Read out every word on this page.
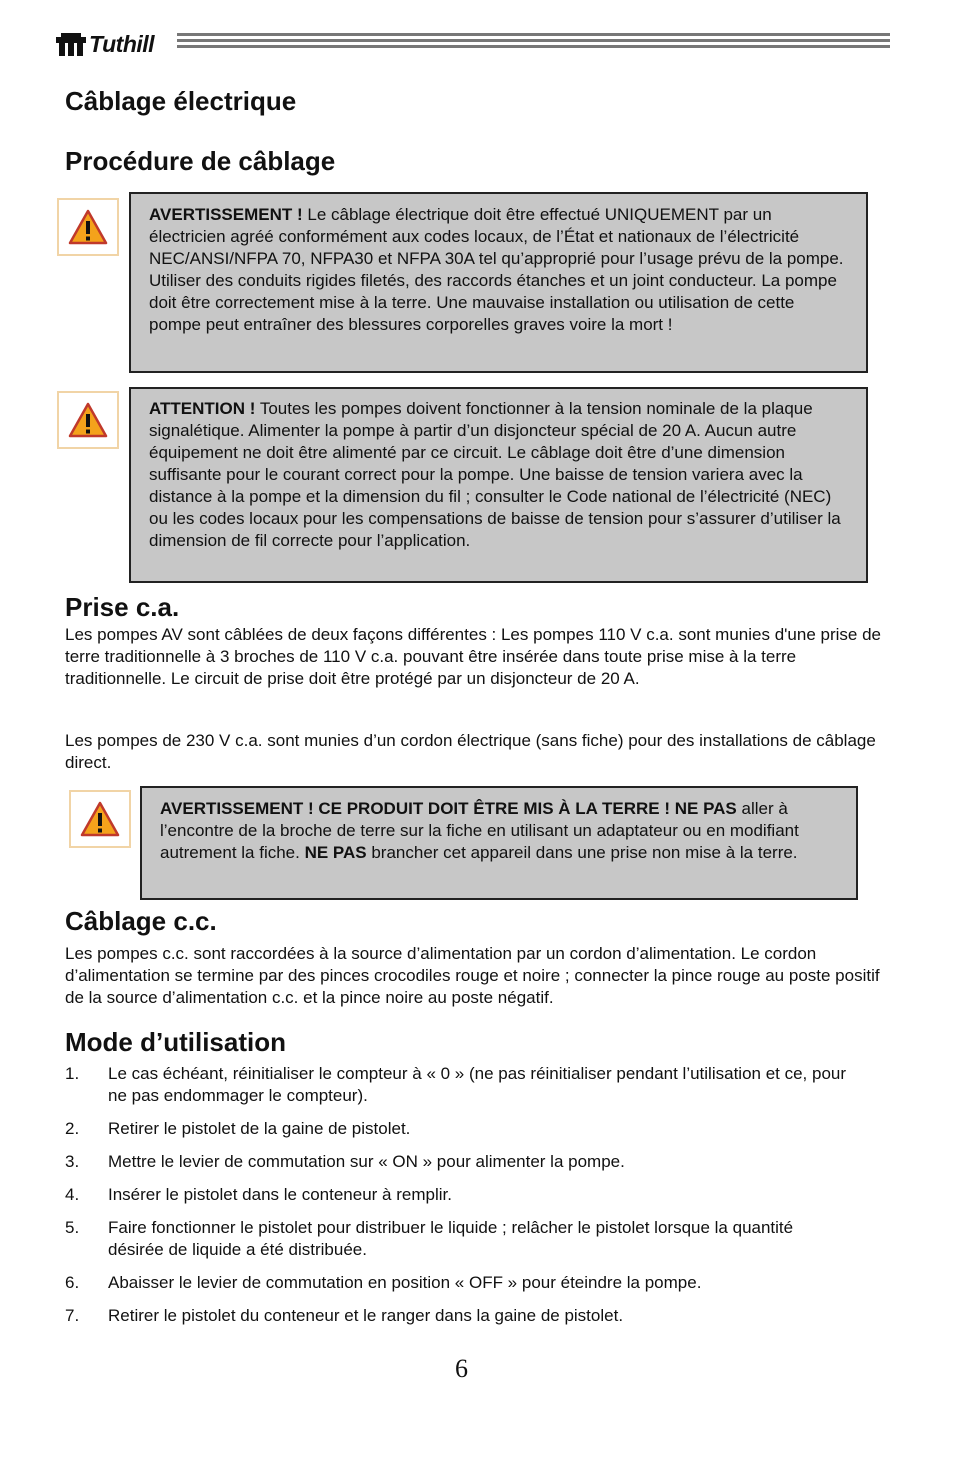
Tuthill
Câblage électrique
Procédure de câblage

AVERTISSEMENT ! Le câblage électrique doit être effectué UNIQUEMENT par un électricien agréé conformément aux codes locaux, de l’État et nationaux de l’électricité NEC/ANSI/NFPA 70, NFPA30 et NFPA 30A tel qu’approprié pour l’usage prévu de la pompe. Utiliser des conduits rigides filetés, des raccords étanches et un joint conducteur. La pompe doit être correctement mise à la terre. Une mauvaise installation ou utilisation de cette pompe peut entraîner des blessures corporelles graves voire la mort !

ATTENTION ! Toutes les pompes doivent fonctionner à la tension nominale de la plaque signalétique. Alimenter la pompe à partir d’un disjoncteur spécial de 20 A. Aucun autre équipement ne doit être alimenté par ce circuit. Le câblage doit être d’une dimension suffisante pour le courant correct pour la pompe. Une baisse de tension variera avec la distance à la pompe et la dimension du fil ; consulter le Code national de l’électricité (NEC) ou les codes locaux pour les compensations de baisse de tension pour s’assurer d’utiliser la dimension de fil correcte pour l’application.

Prise c.a.

Les pompes AV sont câblées de deux façons différentes : Les pompes 110 V c.a. sont munies d'une prise de terre traditionnelle à 3 broches de 110 V c.a. pouvant être insérée dans toute prise mise à la terre traditionnelle. Le circuit de prise doit être protégé par un disjoncteur de 20 A.

Les pompes de 230 V c.a. sont munies d’un cordon électrique (sans fiche) pour des installations de câblage direct.

AVERTISSEMENT ! CE PRODUIT DOIT ÊTRE MIS À LA TERRE ! NE PAS aller à l’encontre de la broche de terre sur la fiche en utilisant un adaptateur ou en modifiant autrement la fiche. NE PAS brancher cet appareil dans une prise non mise à la terre.

Câblage c.c.

Les pompes c.c. sont raccordées à la source d’alimentation par un cordon d’alimentation. Le cordon d’alimentation se termine par des pinces crocodiles rouge et noire ; connecter la pince rouge au poste positif de la source d’alimentation c.c. et la pince noire au poste négatif.

Mode d’utilisation
1.	Le cas échéant, réinitialiser le compteur à « 0 » (ne pas réinitialiser pendant l’utilisation et ce, pour ne pas endommager le compteur).
2.	Retirer le pistolet de la gaine de pistolet.
3.	Mettre le levier de commutation sur « ON » pour alimenter la pompe.
4.	Insérer le pistolet dans le conteneur à remplir.
5.	Faire fonctionner le pistolet pour distribuer le liquide ; relâcher le pistolet lorsque la quantité désirée de liquide a été distribuée.
6.	Abaisser le levier de commutation en position « OFF » pour éteindre la pompe.
7.	Retirer le pistolet du conteneur et le ranger dans la gaine de pistolet.
6
